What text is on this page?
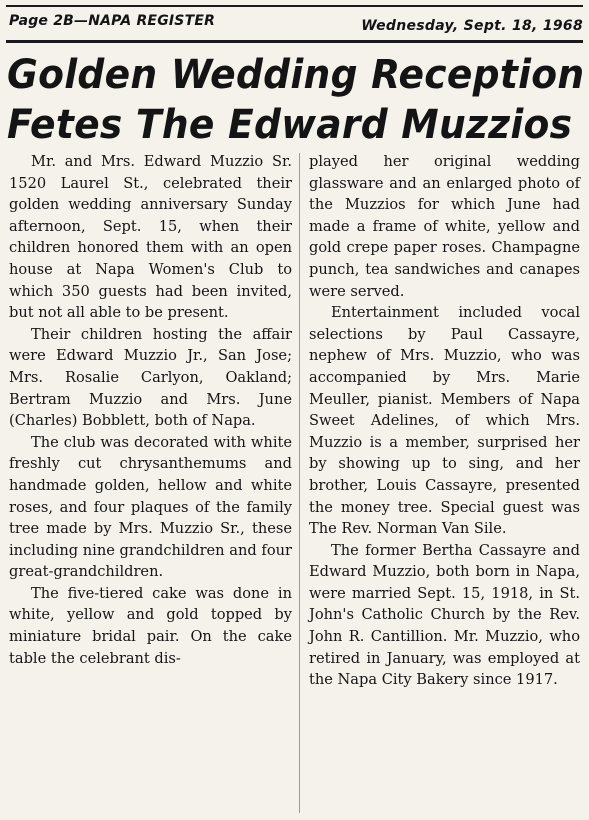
Page 2B—NAPA REGISTER	Wednesday, Sept. 18, 1968
Golden Wedding Reception
Fetes The Edward Muzzios

Mr. and Mrs. Edward Muzzio Sr. 1520 Laurel St., celebrated their golden wedding anniversary Sunday afternoon, Sept. 15, when their children honored them with an open house at Napa Women's Club to which 350 guests had been invited, but not all able to be present.

Their children hosting the affair were Edward Muzzio Jr., San Jose; Mrs. Rosalie Carlyon, Oakland; Bertram Muzzio and Mrs. June (Charles) Bobblett, both of Napa.

The club was decorated with white freshly cut chrysanthemums and handmade golden, hellow and white roses, and four plaques of the family tree made by Mrs. Muzzio Sr., these including nine grandchildren and four great-grandchildren.

The five-tiered cake was done in white, yellow and gold topped by miniature bridal pair. On the cake table the celebrant dis-

played her original wedding glassware and an enlarged photo of the Muzzios for which June had made a frame of white, yellow and gold crepe paper roses. Champagne punch, tea sandwiches and canapes were served.

Entertainment included vocal selections by Paul Cassayre, nephew of Mrs. Muzzio, who was accompanied by Mrs. Marie Meuller, pianist. Members of Napa Sweet Adelines, of which Mrs. Muzzio is a member, surprised her by showing up to sing, and her brother, Louis Cassayre, presented the money tree. Special guest was The Rev. Norman Van Sile.

The former Bertha Cassayre and Edward Muzzio, both born in Napa, were married Sept. 15, 1918, in St. John's Catholic Church by the Rev. John R. Cantillion. Mr. Muzzio, who retired in January, was employed at the Napa City Bakery since 1917.
